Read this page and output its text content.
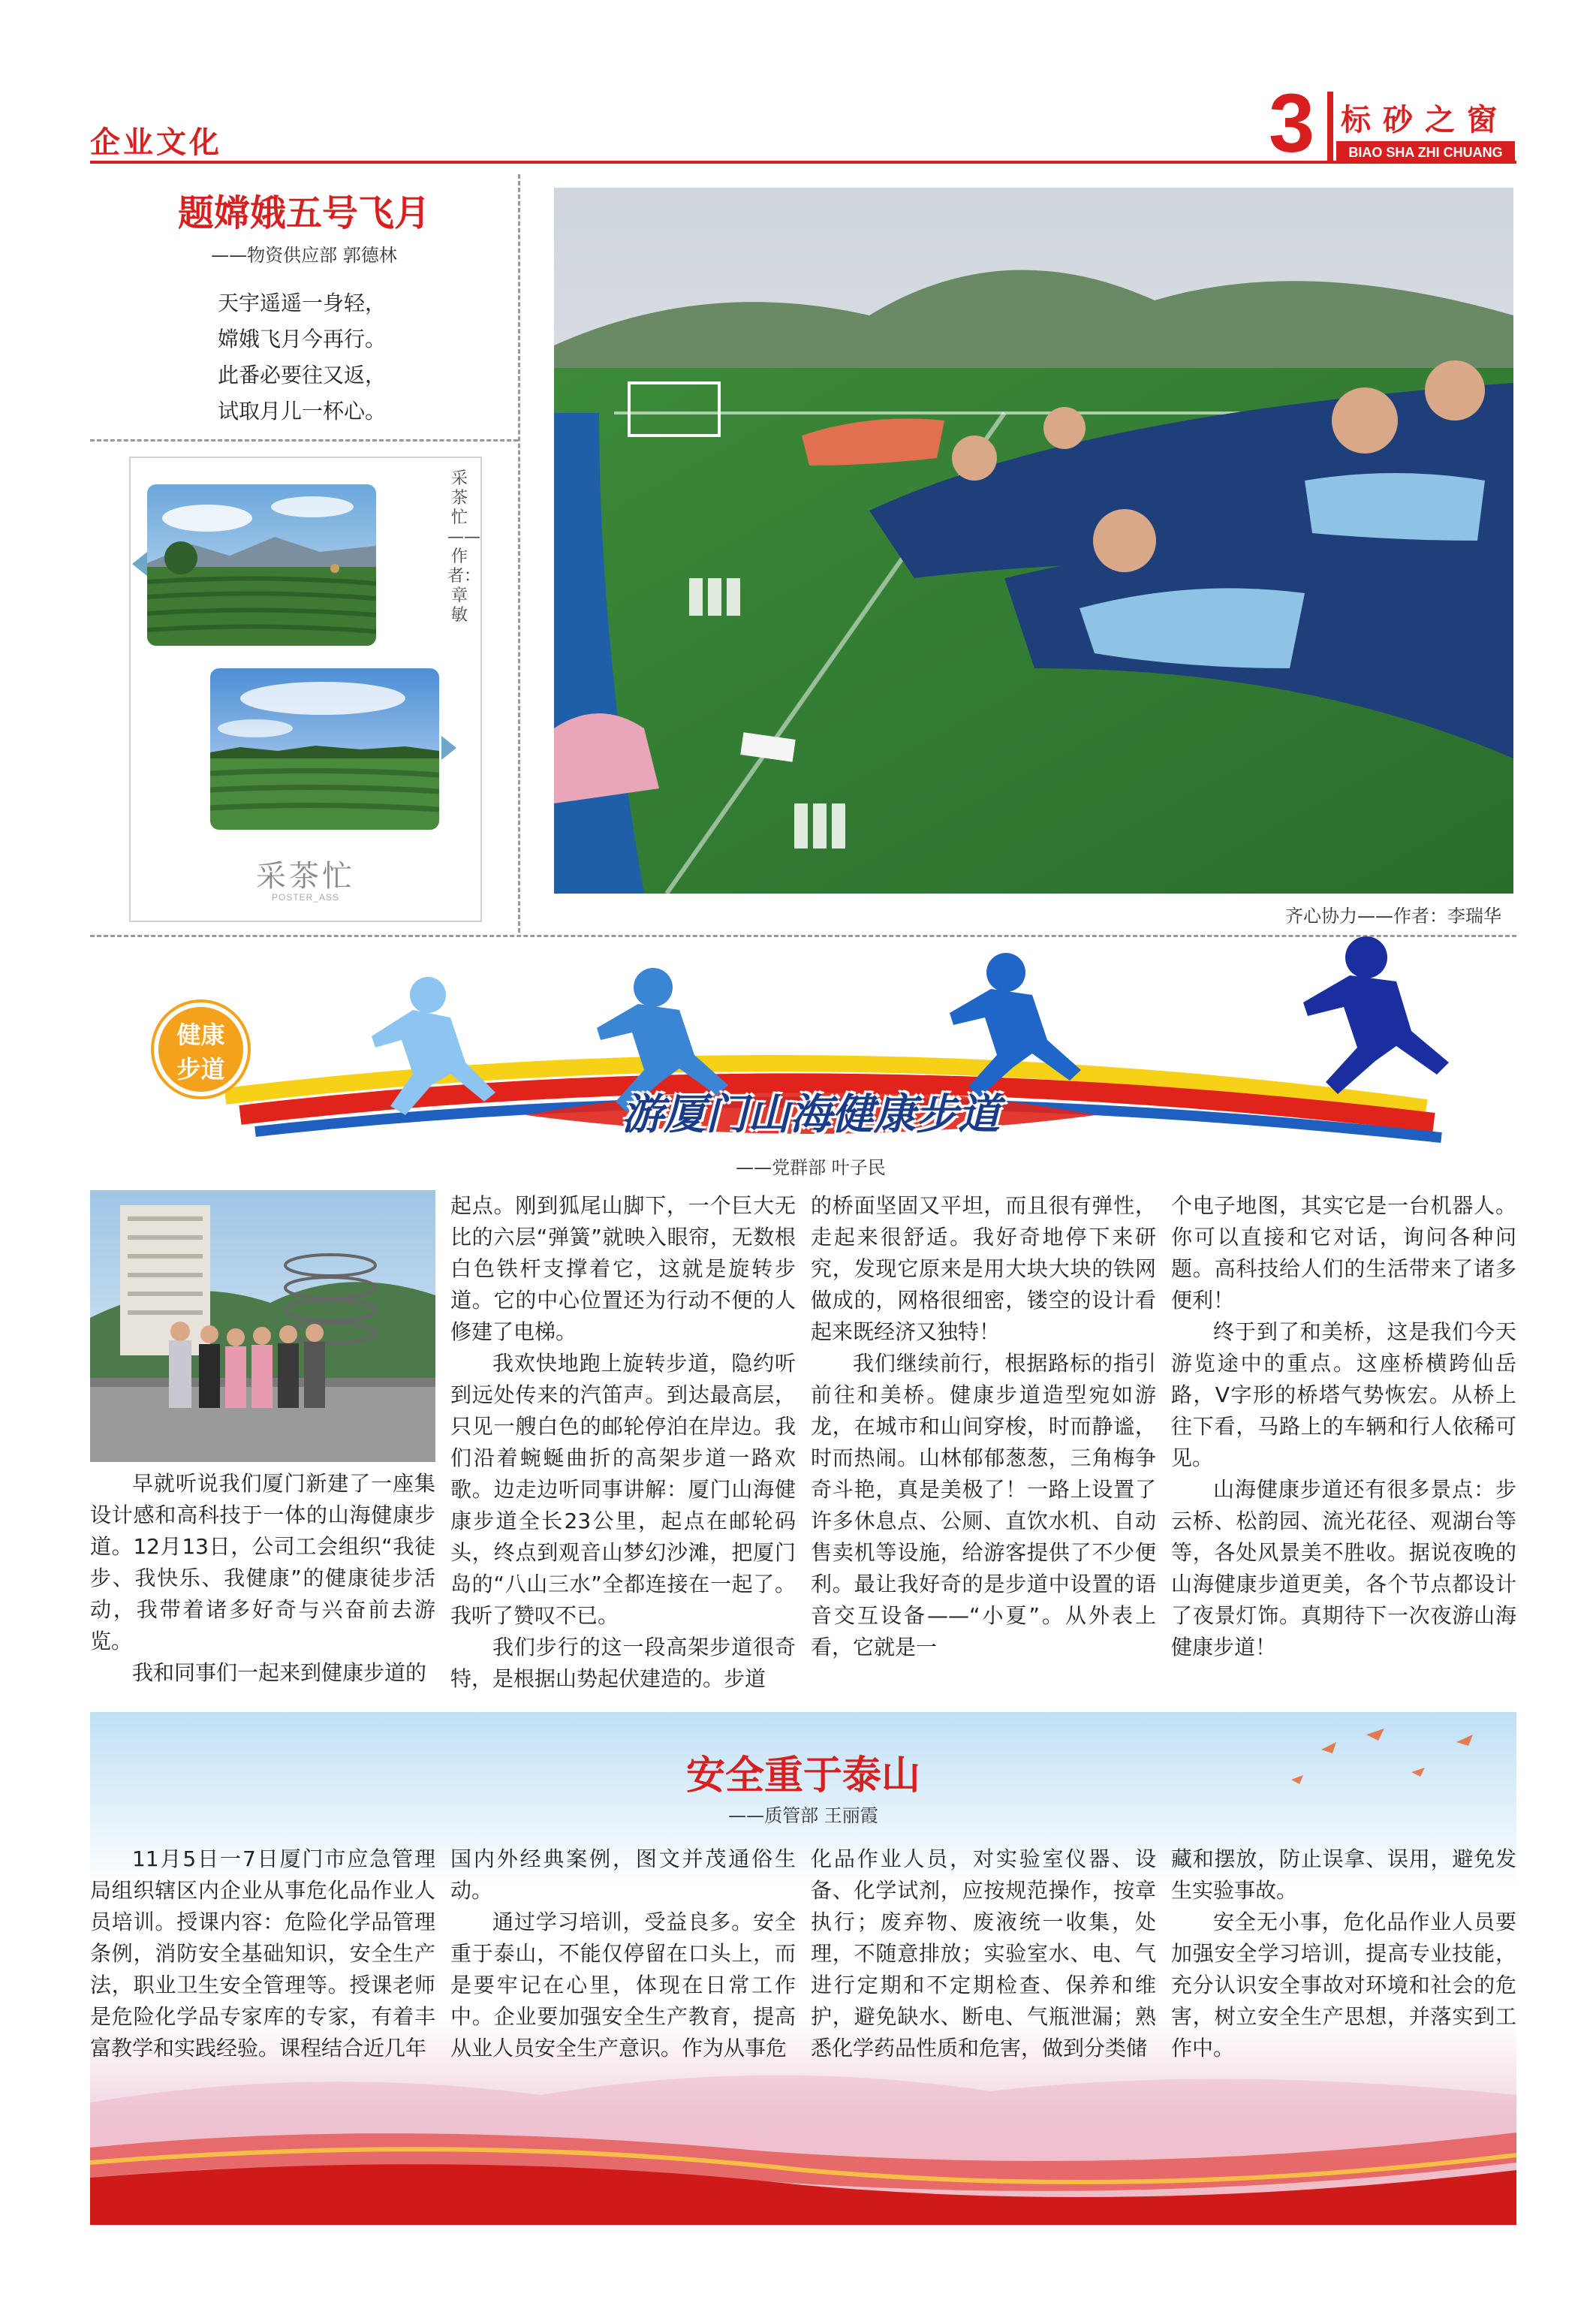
企业文化	3 标砂之窗
BIAO SHA ZHI CHUANG
题嫦娥五号飞月
——物资供应部 郭德林
天宇遥遥一身轻，
嫦娥飞月今再行。
此番必要往又返，
试取月儿一杯心。
采茶忙
POSTER_ASS
采茶忙——作者：章敏
齐心协力——作者：李瑞华
健康
步道
游厦门山海健康步道
——党群部 叶子民

早就听说我们厦门新建了一座集设计感和高科技于一体的山海健康步道。12月13日，公司工会组织“我徒步、我快乐、我健康”的健康徒步活动，我带着诸多好奇与兴奋前去游览。

我和同事们一起来到健康步道的

起点。刚到狐尾山脚下，一个巨大无比的六层“弹簧”就映入眼帘，无数根白色铁杆支撑着它，这就是旋转步道。它的中心位置还为行动不便的人修建了电梯。

我欢快地跑上旋转步道，隐约听到远处传来的汽笛声。到达最高层，只见一艘白色的邮轮停泊在岸边。我们沿着蜿蜒曲折的高架步道一路欢歌。边走边听同事讲解：厦门山海健康步道全长23公里，起点在邮轮码头，终点到观音山梦幻沙滩，把厦门岛的“八山三水”全都连接在一起了。我听了赞叹不已。

我们步行的这一段高架步道很奇特，是根据山势起伏建造的。步道

的桥面坚固又平坦，而且很有弹性，走起来很舒适。我好奇地停下来研究，发现它原来是用大块大块的铁网做成的，网格很细密，镂空的设计看起来既经济又独特！

我们继续前行，根据路标的指引前往和美桥。健康步道造型宛如游龙，在城市和山间穿梭，时而静谧，时而热闹。山林郁郁葱葱，三角梅争奇斗艳，真是美极了！一路上设置了许多休息点、公厕、直饮水机、自动售卖机等设施，给游客提供了不少便利。最让我好奇的是步道中设置的语音交互设备——“小夏”。从外表上看，它就是一

个电子地图，其实它是一台机器人。你可以直接和它对话，询问各种问题。高科技给人们的生活带来了诸多便利！

终于到了和美桥，这是我们今天游览途中的重点。这座桥横跨仙岳路，V字形的桥塔气势恢宏。从桥上往下看，马路上的车辆和行人依稀可见。

山海健康步道还有很多景点：步云桥、松韵园、流光花径、观湖台等等，各处风景美不胜收。据说夜晚的山海健康步道更美，各个节点都设计了夜景灯饰。真期待下一次夜游山海健康步道！

安全重于泰山
——质管部 王丽霞

11月5日一7日厦门市应急管理局组织辖区内企业从事危化品作业人员培训。授课内容：危险化学品管理条例，消防安全基础知识，安全生产法，职业卫生安全管理等。授课老师是危险化学品专家库的专家，有着丰富教学和实践经验。课程结合近几年

国内外经典案例，图文并茂通俗生动。

通过学习培训，受益良多。安全重于泰山，不能仅停留在口头上，而是要牢记在心里，体现在日常工作中。企业要加强安全生产教育，提高从业人员安全生产意识。作为从事危

化品作业人员，对实验室仪器、设备、化学试剂，应按规范操作，按章执行；废弃物、废液统一收集，处理，不随意排放；实验室水、电、气进行定期和不定期检查、保养和维护，避免缺水、断电、气瓶泄漏；熟悉化学药品性质和危害，做到分类储

藏和摆放，防止误拿、误用，避免发生实验事故。

安全无小事，危化品作业人员要加强安全学习培训，提高专业技能，充分认识安全事故对环境和社会的危害，树立安全生产思想，并落实到工作中。
